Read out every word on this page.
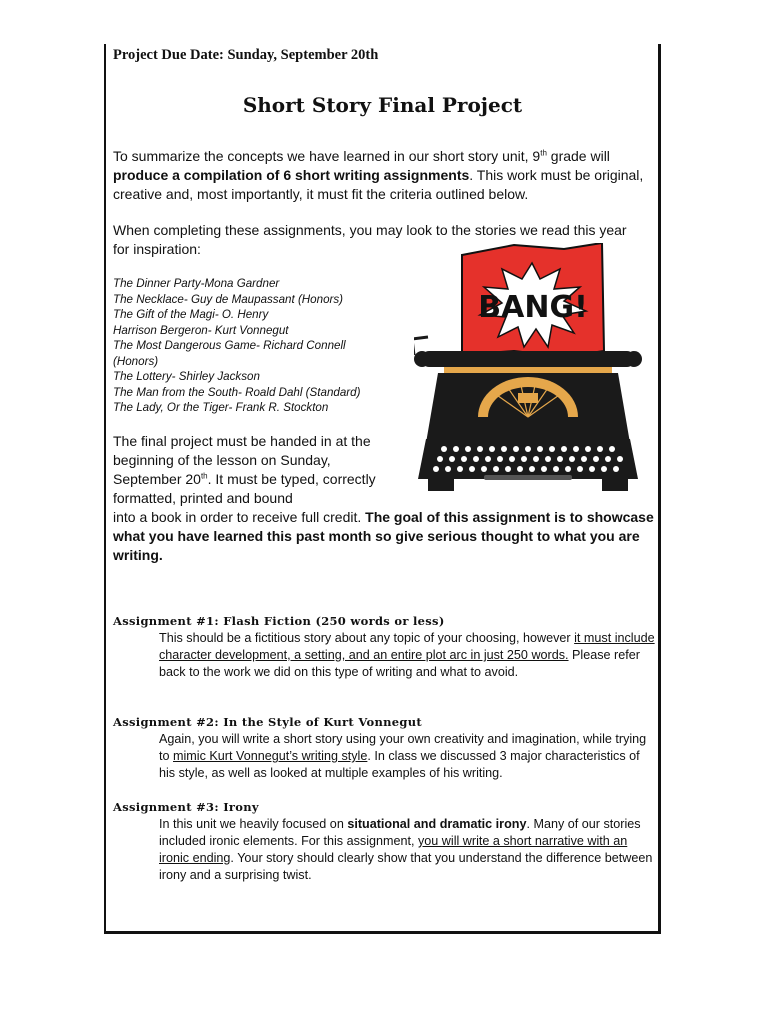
Project Due Date: Sunday, September 20th
Short Story Final Project
To summarize the concepts we have learned in our short story unit, 9th grade will produce a compilation of 6 short writing assignments. This work must be original, creative and, most importantly, it must fit the criteria outlined below.
When completing these assignments, you may look to the stories we read this year for inspiration:
The Dinner Party-Mona Gardner
The Necklace- Guy de Maupassant (Honors)
The Gift of the Magi- O. Henry
Harrison Bergeron- Kurt Vonnegut
The Most Dangerous Game- Richard Connell (Honors)
The Lottery- Shirley Jackson
The Man from the South- Roald Dahl (Standard)
The Lady, Or the Tiger- Frank R. Stockton
BANG!
The final project must be handed in at the beginning of the lesson on Sunday, September 20th. It must be typed, correctly formatted, printed and bound
into a book in order to receive full credit. The goal of this assignment is to showcase what you have learned this past month so give serious thought to what you are writing.
Assignment #1: Flash Fiction (250 words or less)
This should be a fictitious story about any topic of your choosing, however it must include character development, a setting, and an entire plot arc in just 250 words. Please refer back to the work we did on this type of writing and what to avoid.
Assignment #2: In the Style of Kurt Vonnegut
Again, you will write a short story using your own creativity and imagination, while trying to mimic Kurt Vonnegut’s writing style. In class we discussed 3 major characteristics of his style, as well as looked at multiple examples of his writing.
Assignment #3: Irony
In this unit we heavily focused on situational and dramatic irony. Many of our stories included ironic elements. For this assignment, you will write a short narrative with an ironic ending. Your story should clearly show that you understand the difference between irony and a surprising twist.
